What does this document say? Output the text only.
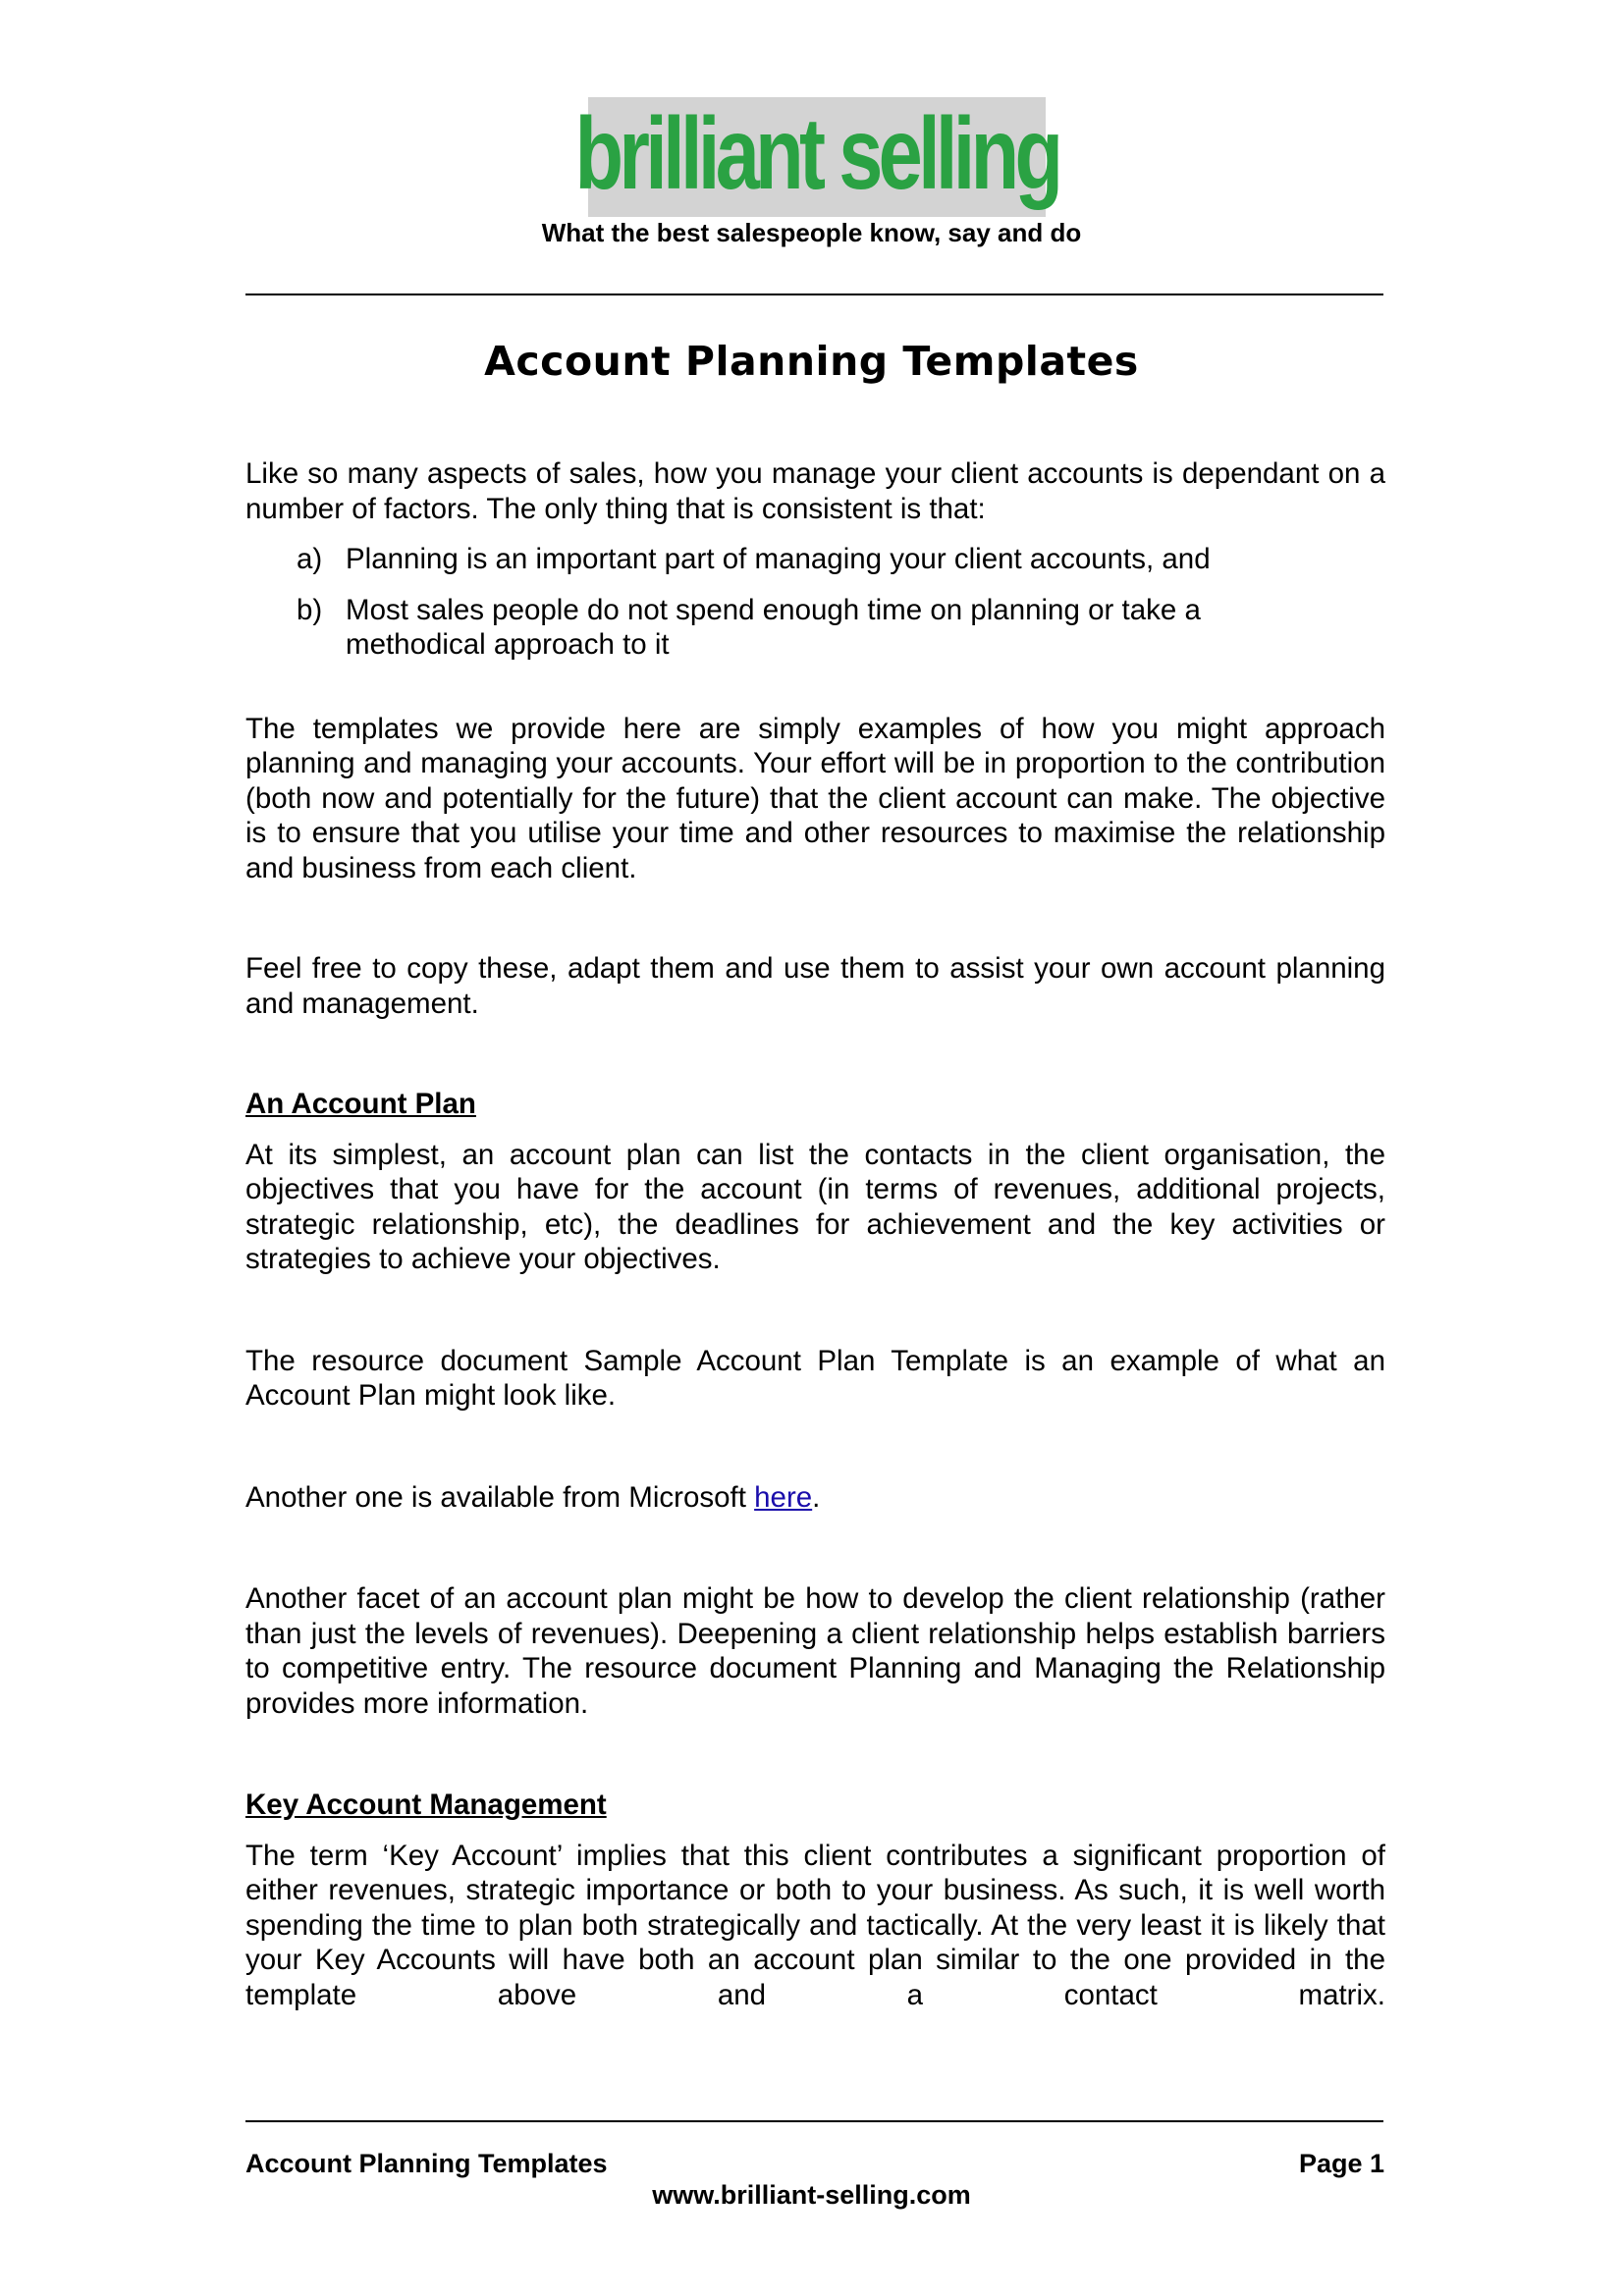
brilliant selling
What the best salespeople know, say and do
Account Planning Templates

Like so many aspects of sales, how you manage your client accounts is dependant on a number of factors. The only thing that is consistent is that:

a) Planning is an important part of managing your client accounts, and
b) Most sales people do not spend enough time on planning or take a methodical approach to it

The templates we provide here are simply examples of how you might approach planning and managing your accounts. Your effort will be in proportion to the contribution (both now and potentially for the future) that the client account can make. The objective is to ensure that you utilise your time and other resources to maximise the relationship and business from each client.

Feel free to copy these, adapt them and use them to assist your own account planning and management.

An Account Plan

At its simplest, an account plan can list the contacts in the client organisation, the objectives that you have for the account (in terms of revenues, additional projects, strategic relationship, etc), the deadlines for achievement and the key activities or strategies to achieve your objectives.

The resource document Sample Account Plan Template is an example of what an Account Plan might look like.

Another one is available from Microsoft here.

Another facet of an account plan might be how to develop the client relationship (rather than just the levels of revenues). Deepening a client relationship helps establish barriers to competitive entry. The resource document Planning and Managing the Relationship provides more information.

Key Account Management

The term ‘Key Account’ implies that this client contributes a significant proportion of either revenues, strategic importance or both to your business. As such, it is well worth spending the time to plan both strategically and tactically. At the very least it is likely that your Key Accounts will have both an account plan similar to the one provided in the template above and a contact matrix.

Account Planning Templates	Page 1
www.brilliant-selling.com
